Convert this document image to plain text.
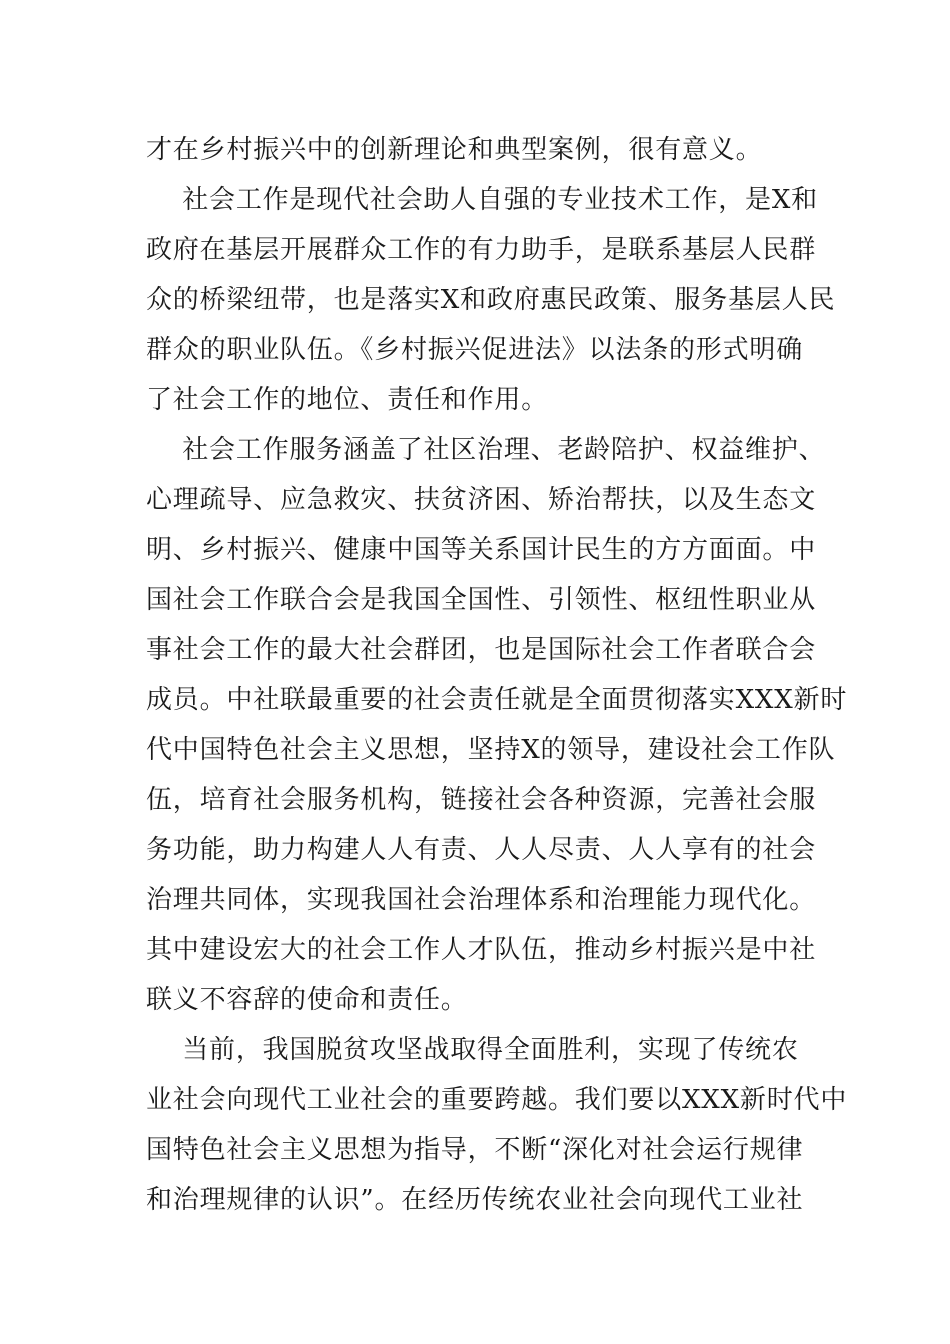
才在乡村振兴中的创新理论和典型案例，很有意义。
社会工作是现代社会助人自强的专业技术工作，是X和
政府在基层开展群众工作的有力助手，是联系基层人民群
众的桥梁纽带，也是落实X和政府惠民政策、服务基层人民
群众的职业队伍。《乡村振兴促进法》以法条的形式明确
了社会工作的地位、责任和作用。
社会工作服务涵盖了社区治理、老龄陪护、权益维护、
心理疏导、应急救灾、扶贫济困、矫治帮扶，以及生态文
明、乡村振兴、健康中国等关系国计民生的方方面面。中
国社会工作联合会是我国全国性、引领性、枢纽性职业从
事社会工作的最大社会群团，也是国际社会工作者联合会
成员。中社联最重要的社会责任就是全面贯彻落实XXX新时
代中国特色社会主义思想，坚持X的领导，建设社会工作队
伍，培育社会服务机构，链接社会各种资源，完善社会服
务功能，助力构建人人有责、人人尽责、人人享有的社会
治理共同体，实现我国社会治理体系和治理能力现代化。
其中建设宏大的社会工作人才队伍，推动乡村振兴是中社
联义不容辞的使命和责任。
当前，我国脱贫攻坚战取得全面胜利，实现了传统农
业社会向现代工业社会的重要跨越。我们要以XXX新时代中
国特色社会主义思想为指导，不断“深化对社会运行规律
和治理规律的认识”。在经历传统农业社会向现代工业社
